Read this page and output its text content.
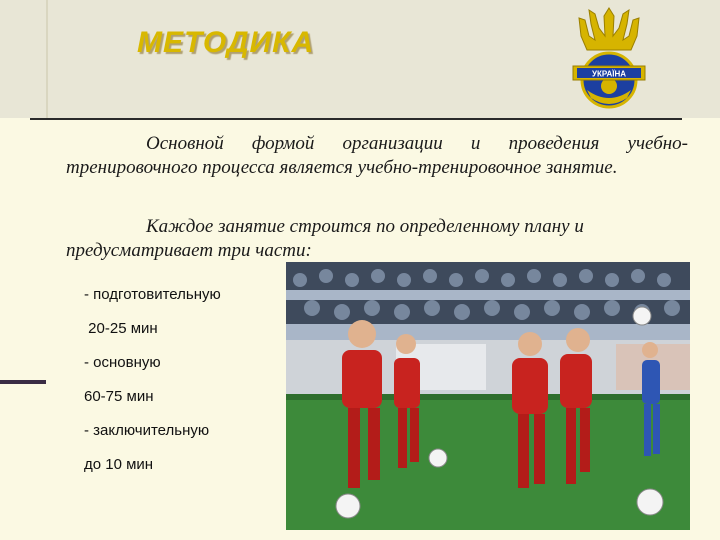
МЕТОДИКА
УКРАЇНА
Основной формой организации и проведения учебно-тренировочного процесса является учебно-тренировочное занятие.
Каждое занятие строится по определенному плану и предусматривает три части:
- подготовительную
20-25 мин
- основную
60-75 мин
- заключительную
до 10 мин
